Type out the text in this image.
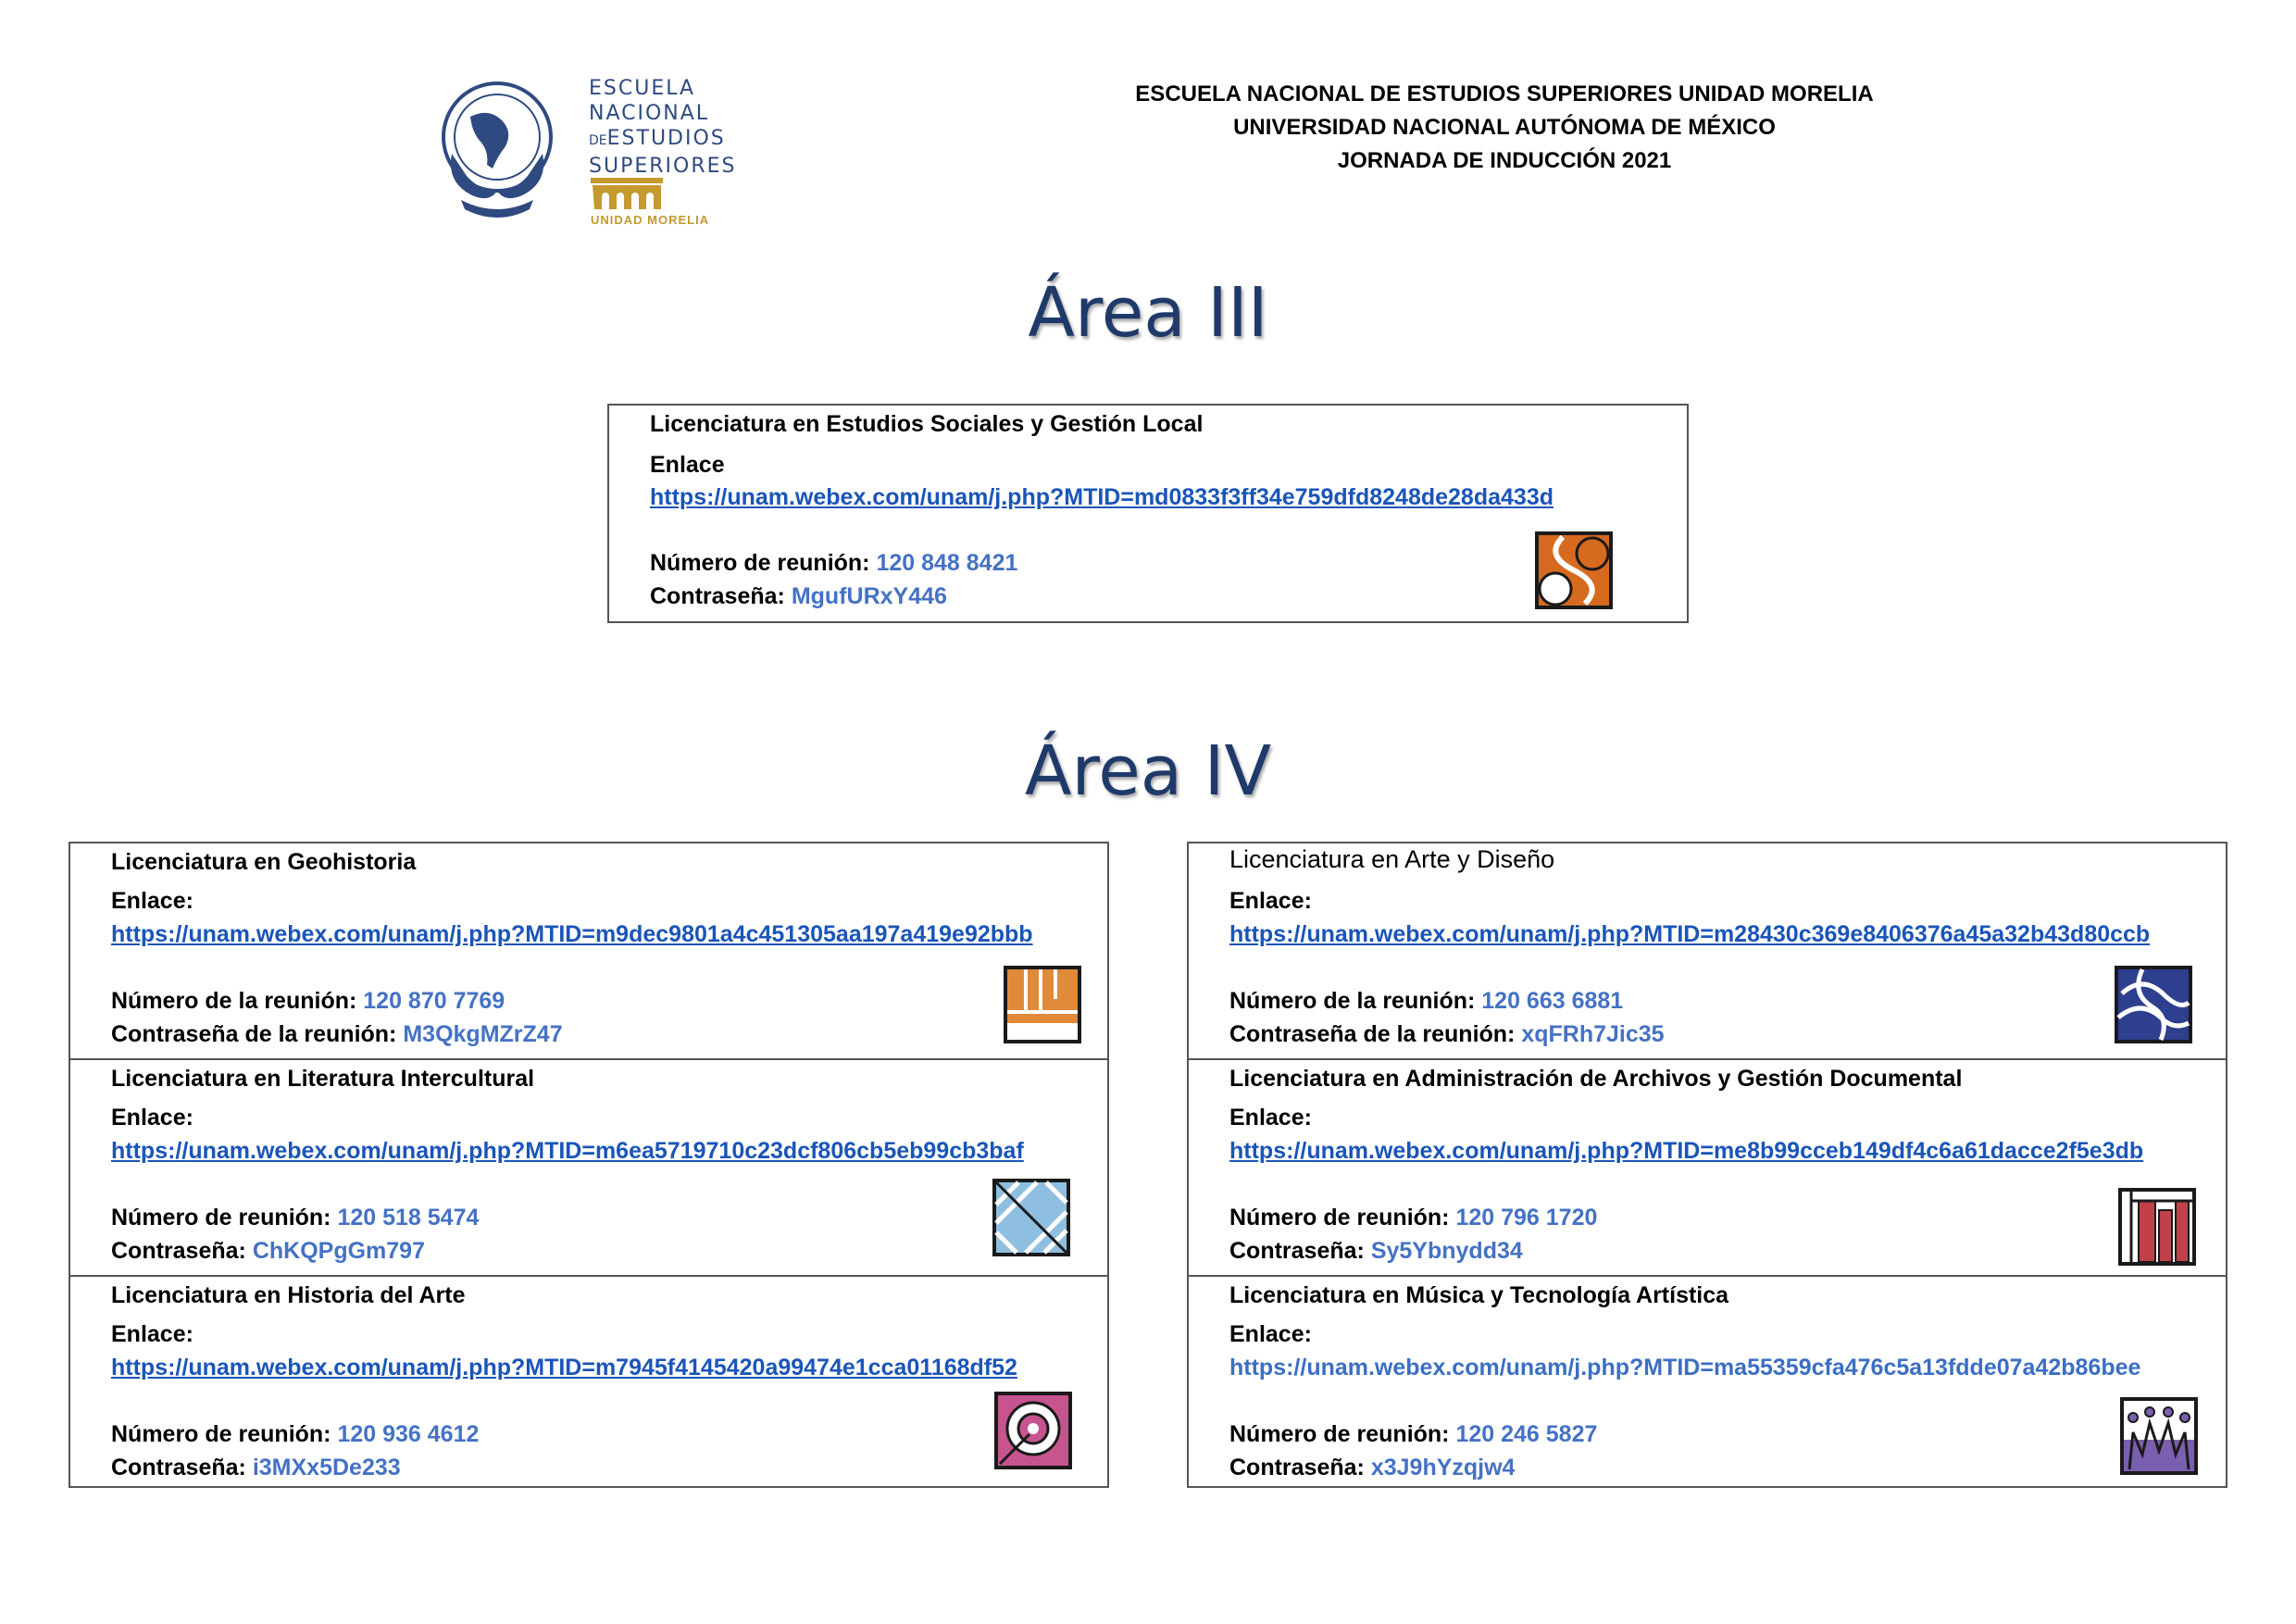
ESCUELA
NACIONAL
DEESTUDIOS
SUPERIORES
UNIDAD MORELIA
ESCUELA NACIONAL DE ESTUDIOS SUPERIORES UNIDAD MORELIA
UNIVERSIDAD NACIONAL AUTÓNOMA DE MÉXICO
JORNADA DE INDUCCIÓN 2021
Área III
Licenciatura en Estudios Sociales y Gestión Local
Enlace
https://unam.webex.com/unam/j.php?MTID=md0833f3ff34e759dfd8248de28da433d
Número de reunión: 120 848 8421
Contraseña: MgufURxY446
Área IV
Licenciatura en Geohistoria
Enlace:
https://unam.webex.com/unam/j.php?MTID=m9dec9801a4c451305aa197a419e92bbb
Número de la reunión: 120 870 7769
Contraseña de la reunión: M3QkgMZrZ47
Licenciatura en Literatura Intercultural
Enlace:
https://unam.webex.com/unam/j.php?MTID=m6ea5719710c23dcf806cb5eb99cb3baf
Número de reunión: 120 518 5474
Contraseña: ChKQPgGm797
Licenciatura en Historia del Arte
Enlace:
https://unam.webex.com/unam/j.php?MTID=m7945f4145420a99474e1cca01168df52
Número de reunión: 120 936 4612
Contraseña: i3MXx5De233
Licenciatura en Arte y Diseño
Enlace:
https://unam.webex.com/unam/j.php?MTID=m28430c369e8406376a45a32b43d80ccb
Número de la reunión: 120 663 6881
Contraseña de la reunión: xqFRh7Jic35
Licenciatura en Administración de Archivos y Gestión Documental
Enlace:
https://unam.webex.com/unam/j.php?MTID=me8b99cceb149df4c6a61dacce2f5e3db
Número de reunión: 120 796 1720
Contraseña: Sy5Ybnydd34
Licenciatura en Música y Tecnología Artística
Enlace:
https://unam.webex.com/unam/j.php?MTID=ma55359cfa476c5a13fdde07a42b86bee
Número de reunión: 120 246 5827
Contraseña: x3J9hYzqjw4
